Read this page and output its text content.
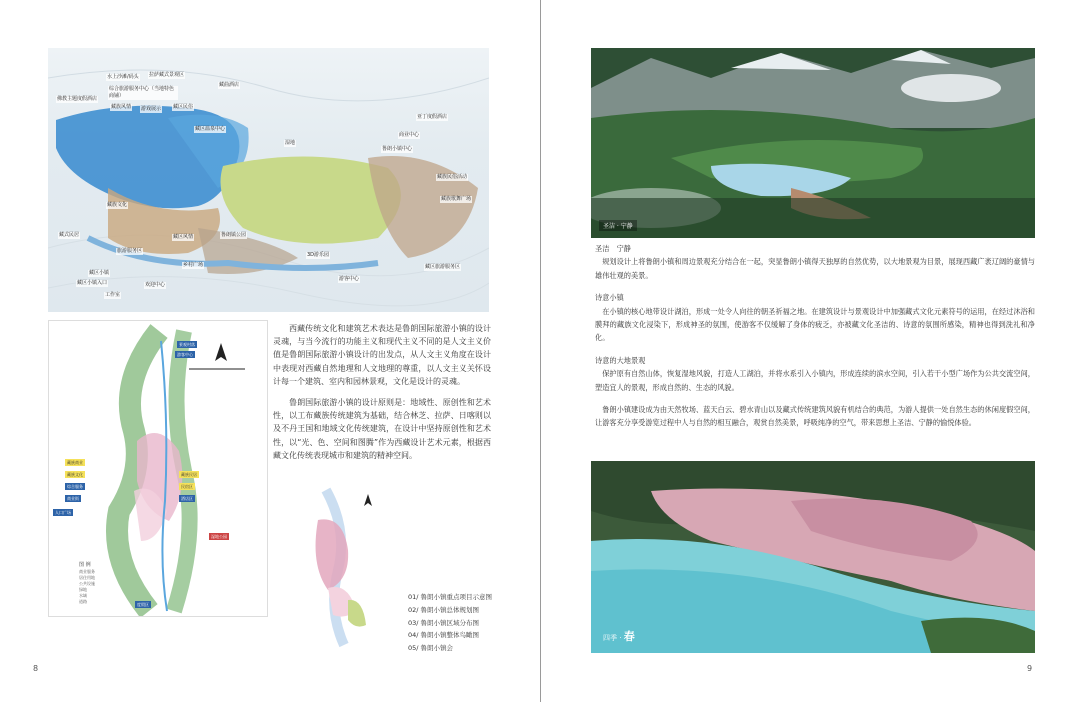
水上沙滩/码头 拉萨藏式景观区
佛教主题度假酒店
综合旅游服务中心（当地特色商铺）
藏族风情 游戏展示 藏区民俗
藏区温泉中心
藏曲酒店
湿地
亚丁度假酒店
商业中心
鲁朗小镇中心
藏族民俗活动
藏族歌舞广场
藏族文化
藏式民居
旅游服务区
藏区风情	鲁朗镇公园
乡村广场
藏区小镇
藏区小镇入口
工作室
欢迎中心
3D游乐园
游客中心
藏区旅游服务区
景观村落
游客中心
藏族商业
藏族文化
综合服务
商业街
人口广场
藏族民居
民宿区
酒店区
湿地公园
度假区
图 例
商业服务
居住用地
公共设施
绿地
水域
道路

西藏传统文化和建筑艺术表达是鲁朗国际旅游小镇的设计灵魂，与当今流行的功能主义和现代主义不同的是人文主义价值是鲁朗国际旅游小镇设计的出发点，从人文主义角度在设计中表现对西藏自然地理和人文地理的尊重，以人文主义关怀设计每一个建筑、室内和园林景观，文化是设计的灵魂。

鲁朗国际旅游小镇的设计原则是：地域性、原创性和艺术性，以工布藏族传统建筑为基础，结合林芝、拉萨、日喀则以及不丹王国和地域文化传统建筑，在设计中坚持原创性和艺术性，以“光、色、空间和图腾”作为西藏设计艺术元素，根据西藏文化传统表现城市和建筑的精神空间。

01/ 鲁朗小镇重点项目示意图
02/ 鲁朗小镇总体规划图
03/ 鲁朗小镇区域分布图
04/ 鲁朗小镇整体鸟瞰图
05/ 鲁朗小镇会
8
圣洁 · 宁静
圣洁　宁静
规划设计上将鲁朗小镇和周边景观充分结合在一起，突显鲁朗小镇得天独厚的自然优势，以大地景观为目景，展现西藏广袤辽阔的豪情与雄伟壮观的美景。
诗意小镇
在小镇的核心地带设计湖泊，形成一处令人向往的朝圣祈福之地。在建筑设计与景观设计中加强藏式文化元素符号的运用，在经过沐浴和膜拜的藏族文化浸染下，形成神圣的氛围，使游客不仅缓解了身体的疲乏，亦被藏文化圣洁的、诗意的氛围所感染，精神也得到洗礼和净化。
诗意的大地景观
保护原有自然山体，恢复湿地风貌，打造人工湖泊，并将水系引入小镇内，形成连续的滨水空间，引入若干小型广场作为公共交流空间，塑造宜人的景观，形成自然的、生态的风貌。
鲁朗小镇建设成为由天然牧场、蓝天白云、碧水青山以及藏式传统建筑风貌有机结合的典范，为游人提供一处自然生态的休闲度假空间，让游客充分享受游览过程中人与自然的相互融合，观赏自然美景，呼吸纯净的空气，带来思想上圣洁、宁静的愉悦体验。
四季 · 春
9
